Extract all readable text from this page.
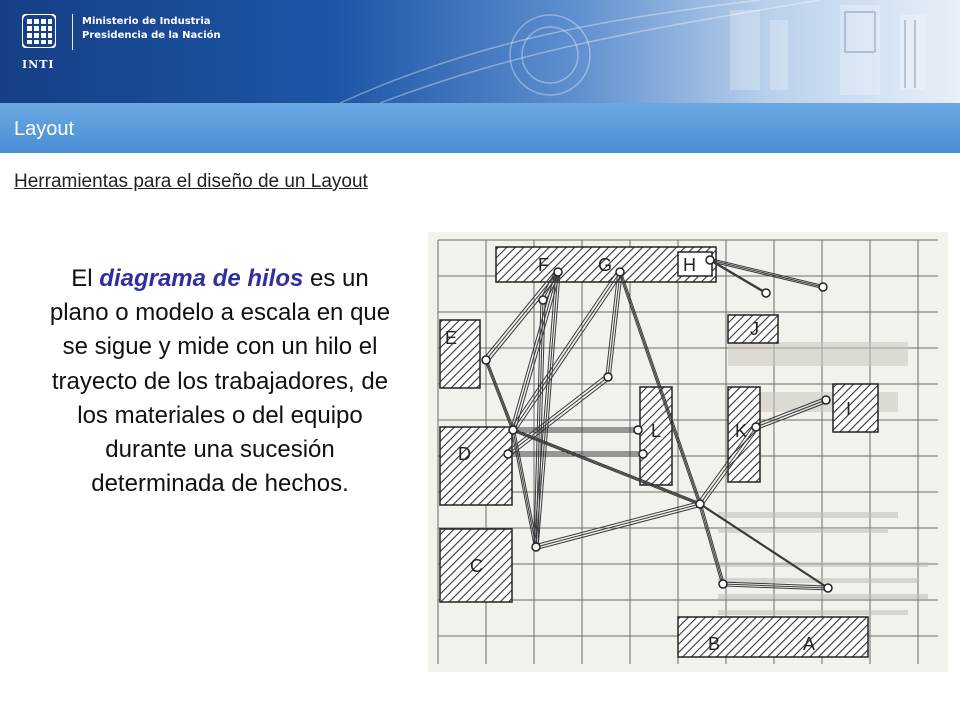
Ministerio de Industria
Presidencia de la Nación
INTI
Layout
Herramientas para el diseño de un Layout
El diagrama de hilos es un plano o modelo a escala en que se sigue y mide con un hilo el trayecto de los trabajadores, de los materiales o del equipo durante una sucesión determinada de hechos.
F	G	H
J
E
I
L	K
D
C
B	A
